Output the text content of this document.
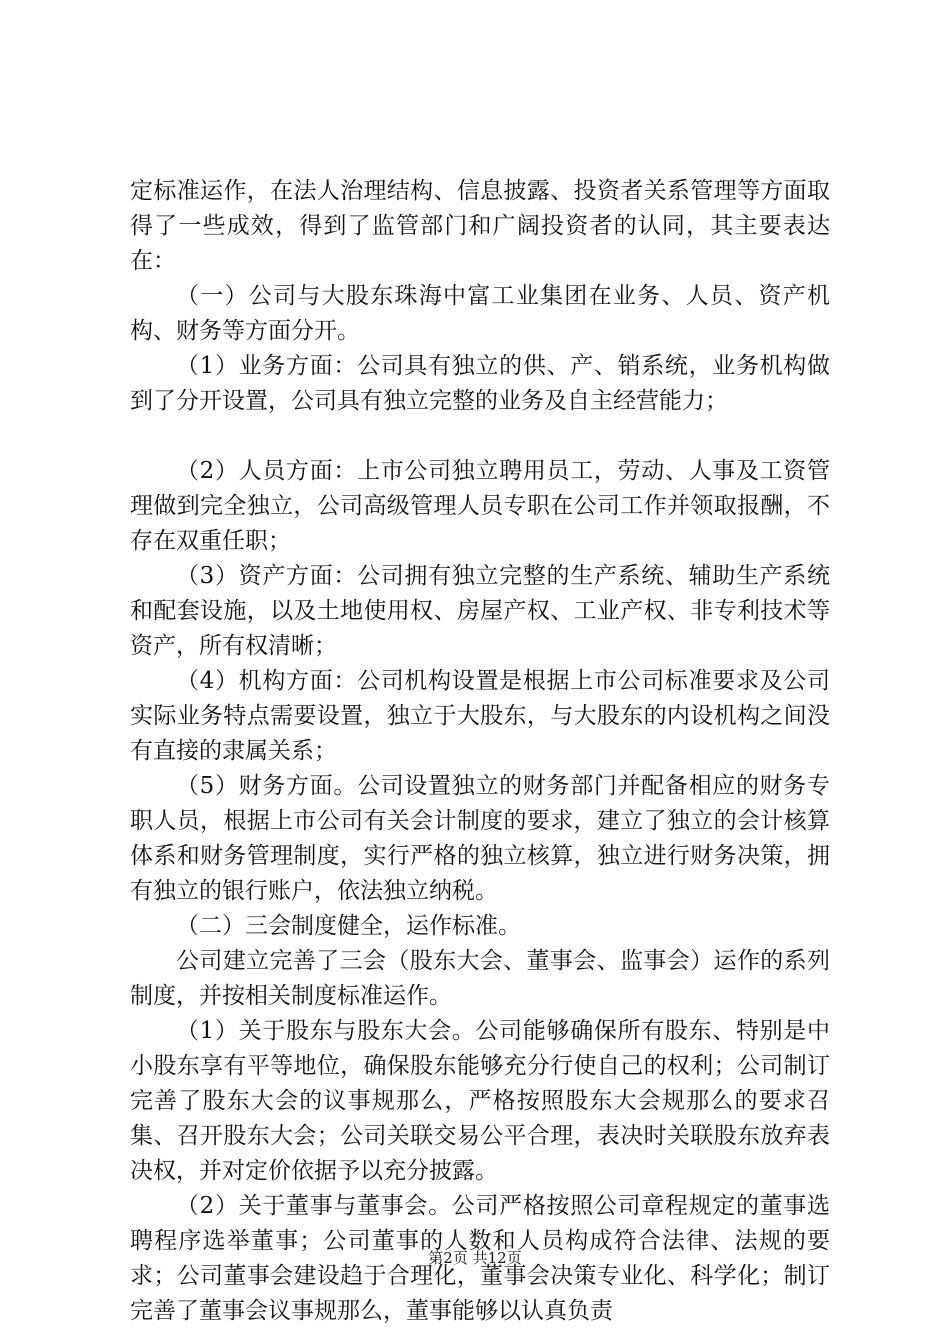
定标准运作，在法人治理结构、信息披露、投资者关系管理等方面取得了一些成效，得到了监管部门和广阔投资者的认同，其主要表达在：

（一）公司与大股东珠海中富工业集团在业务、人员、资产机构、财务等方面分开。

（1）业务方面：公司具有独立的供、产、销系统，业务机构做到了分开设置，公司具有独立完整的业务及自主经营能力；

（2）人员方面：上市公司独立聘用员工，劳动、人事及工资管理做到完全独立，公司高级管理人员专职在公司工作并领取报酬，不存在双重任职；

（3）资产方面：公司拥有独立完整的生产系统、辅助生产系统和配套设施，以及土地使用权、房屋产权、工业产权、非专利技术等资产，所有权清晰；

（4）机构方面：公司机构设置是根据上市公司标准要求及公司实际业务特点需要设置，独立于大股东，与大股东的内设机构之间没有直接的隶属关系；

（5）财务方面。公司设置独立的财务部门并配备相应的财务专职人员，根据上市公司有关会计制度的要求，建立了独立的会计核算体系和财务管理制度，实行严格的独立核算，独立进行财务决策，拥有独立的银行账户，依法独立纳税。

（二）三会制度健全，运作标准。

公司建立完善了三会（股东大会、董事会、监事会）运作的系列制度，并按相关制度标准运作。

（1）关于股东与股东大会。公司能够确保所有股东、特别是中小股东享有平等地位，确保股东能够充分行使自己的权利；公司制订完善了股东大会的议事规那么，严格按照股东大会规那么的要求召集、召开股东大会；公司关联交易公平合理，表决时关联股东放弃表决权，并对定价依据予以充分披露。

（2）关于董事与董事会。公司严格按照公司章程规定的董事选聘程序选举董事；公司董事的人数和人员构成符合法律、法规的要求；公司董事会建设趋于合理化，董事会决策专业化、科学化；制订完善了董事会议事规那么，董事能够以认真负责

第2页 共12页
